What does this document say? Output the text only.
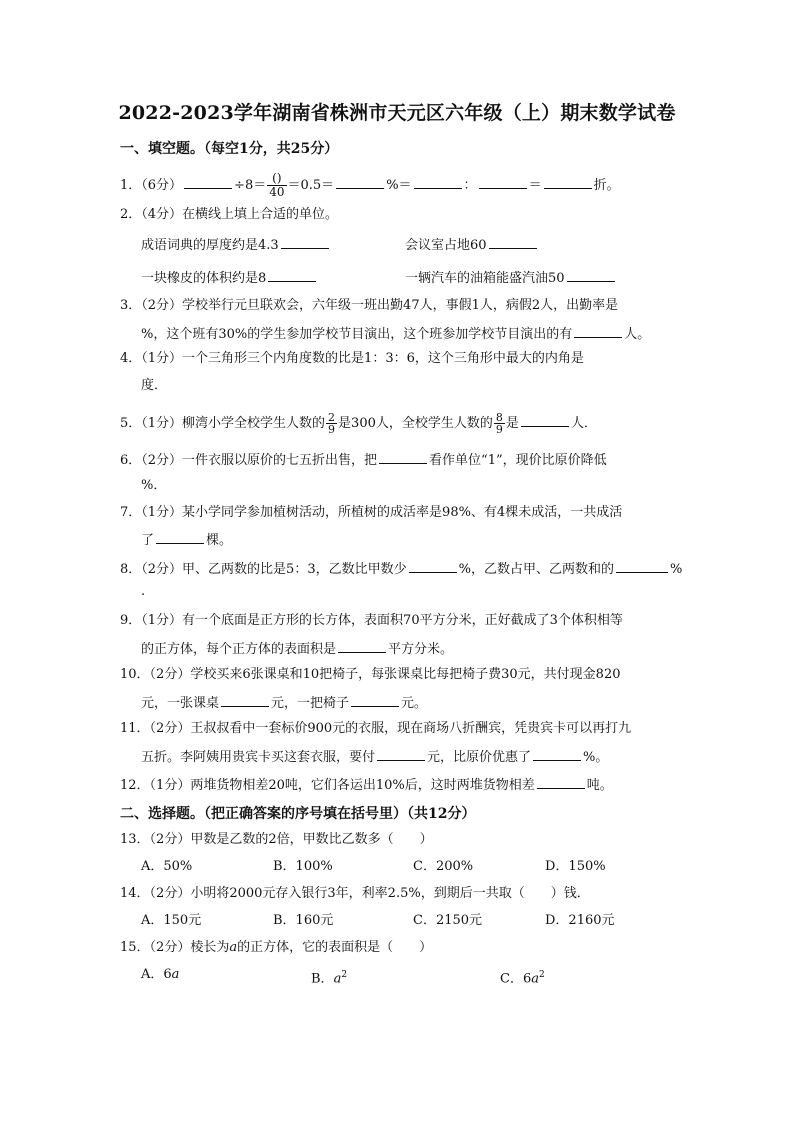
2022-2023学年湖南省株洲市天元区六年级（上）期末数学试卷
一、填空题。（每空1分，共25分）
1．（6分）	$\div 8= \frac{()}{40} =0.5=$	%＝	：	＝	折。
2．（4分）在横线上填上合适的单位。
成语词典的厚度约是4.3	会议室占地60
一块橡皮的体积约是8	一辆汽车的油箱能盛汽油50
3．（2分）学校举行元旦联欢会，六年级一班出勤47人，事假1人，病假2人，出勤率是
%，这个班有30%的学生参加学校节目演出，这个班参加学校节目演出的有	人。
4．（1分）一个三角形三个内角度数的比是1：3：6，这个三角形中最大的内角是
度．
5．（1分）柳湾小学全校学生人数的 $\frac{2}{9}$ 是300人，全校学生人数的 $\frac{8}{9}$ 是	人．
6．（2分）一件衣服以原价的七五折出售，把	看作单位“1”，现价比原价降低
%．
7．（1分）某小学同学参加植树活动，所植树的成活率是98%、有4棵未成活，一共成活
了	棵。
8．（2分）甲、乙两数的比是5：3，乙数比甲数少	%，乙数占甲、乙两数和的	%
.
9．（1分）有一个底面是正方形的长方体，表面积70平方分米，正好截成了3个体积相等
的正方体，每个正方体的表面积是	平方分米。
10．（2分）学校买来6张课桌和10把椅子，每张课桌比每把椅子费30元，共付现金820
元，一张课桌	元，一把椅子	元。
11．（2分）王叔叔看中一套标价900元的衣服，现在商场八折酬宾，凭贵宾卡可以再打九
五折。李阿姨用贵宾卡买这套衣服，要付	元，比原价优惠了	%。
12．（1分）两堆货物相差20吨，它们各运出10%后，这时两堆货物相差	吨。
二、选择题。（把正确答案的序号填在括号里）（共12分）
13．（2分）甲数是乙数的2倍，甲数比乙数多（　　）
A．50%	B．100%	C．200%	D．150%
14．（2分）小明将2000元存入银行3年，利率2.5%，到期后一共取（　　）钱．
A．150元	B．160元	C．2150元	D．2160元
15．（2分）棱长为a的正方体，它的表面积是（　　）
A．6a	B．$a^2$	C．$6a^2$
